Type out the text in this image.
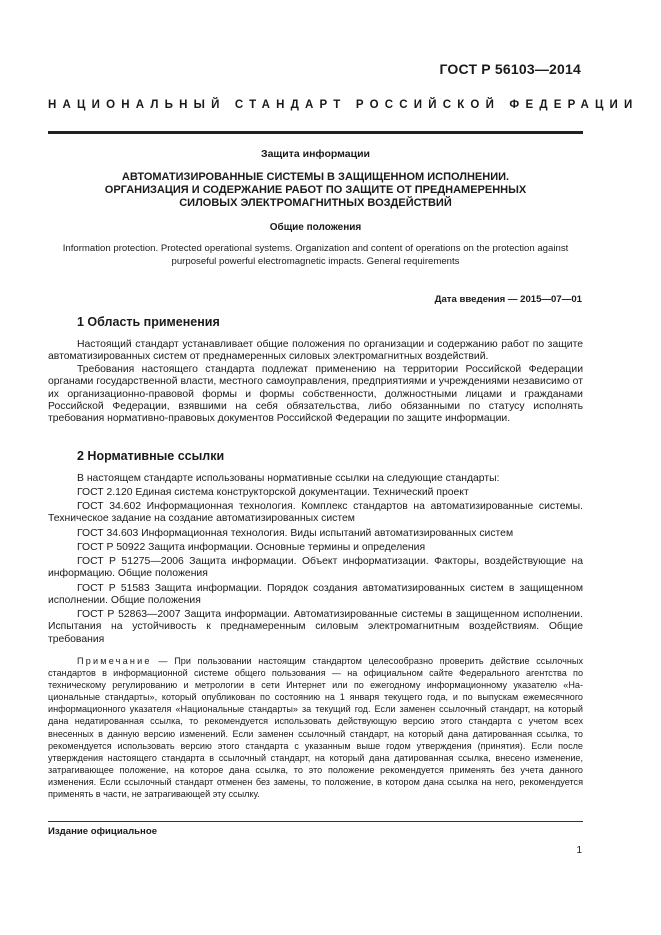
ГОСТ Р 56103—2014
НАЦИОНАЛЬНЫЙ СТАНДАРТ РОССИЙСКОЙ ФЕДЕРАЦИИ
Защита информации
АВТОМАТИЗИРОВАННЫЕ СИСТЕМЫ В ЗАЩИЩЕННОМ ИСПОЛНЕНИИ.
ОРГАНИЗАЦИЯ И СОДЕРЖАНИЕ РАБОТ ПО ЗАЩИТЕ ОТ ПРЕДНАМЕРЕННЫХ
СИЛОВЫХ ЭЛЕКТРОМАГНИТНЫХ ВОЗДЕЙСТВИЙ
Общие положения
Information protection. Protected operational systems. Organization and content of operations on the protection against
purposeful powerful electromagnetic impacts. General requirements
Дата введения — 2015—07—01
1 Область применения
Настоящий стандарт устанавливает общие положения по организации и содержанию работ по защите автоматизированных систем от преднамеренных силовых электромагнитных воздействий.
Требования настоящего стандарта подлежат применению на территории Российской Федерации органами государственной власти, местного самоуправления, предприятиями и учреждениями независимо от их организационно-правовой формы и формы собственности, должностными лицами и гражданами Российской Федерации, взявшими на себя обязательства, либо обязанными по статусу исполнять требования нормативно-правовых документов Российской Федерации по защите информации.
2 Нормативные ссылки
В настоящем стандарте использованы нормативные ссылки на следующие стандарты:
ГОСТ 2.120 Единая система конструкторской документации. Технический проект
ГОСТ 34.602 Информационная технология. Комплекс стандартов на автоматизированные системы. Техническое задание на создание автоматизированных систем
ГОСТ 34.603 Информационная технология. Виды испытаний автоматизированных систем
ГОСТ Р 50922 Защита информации. Основные термины и определения
ГОСТ Р 51275—2006 Защита информации. Объект информатизации. Факторы, воздействующие на информацию. Общие положения
ГОСТ Р 51583 Защита информации. Порядок создания автоматизированных систем в защищенном исполнении. Общие положения
ГОСТ Р 52863—2007 Защита информации. Автоматизированные системы в защищенном исполнении. Испытания на устойчивость к преднамеренным силовым электромагнитным воздействиям. Общие требования
Примечание — При пользовании настоящим стандартом целесообразно проверить действие ссылочных стандартов в информационной системе общего пользования — на официальном сайте Федерального агентства по техническому регулированию и метрологии в сети Интернет или по ежегодному информационному указателю «Национальные стандарты», который опубликован по состоянию на 1 января текущего года, и по выпускам ежемесячного информационного указателя «Национальные стандарты» за текущий год. Если заменен ссылочный стандарт, на который дана недатированная ссылка, то рекомендуется использовать действующую версию этого стандарта с учетом всех внесенных в данную версию изменений. Если заменен ссылочный стандарт, на который дана датированная ссылка, то рекомендуется использовать версию этого стандарта с указанным выше годом утверждения (принятия). Если после утверждения настоящего стандарта в ссылочный стандарт, на который дана датированная ссылка, внесено изменение, затрагивающее положение, на которое дана ссылка, то это положение рекомендуется применять без учета данного изменения. Если ссылочный стандарт отменен без замены, то положение, в котором дана ссылка на него, рекомендуется применять в части, не затрагивающей эту ссылку.
Издание официальное
1
